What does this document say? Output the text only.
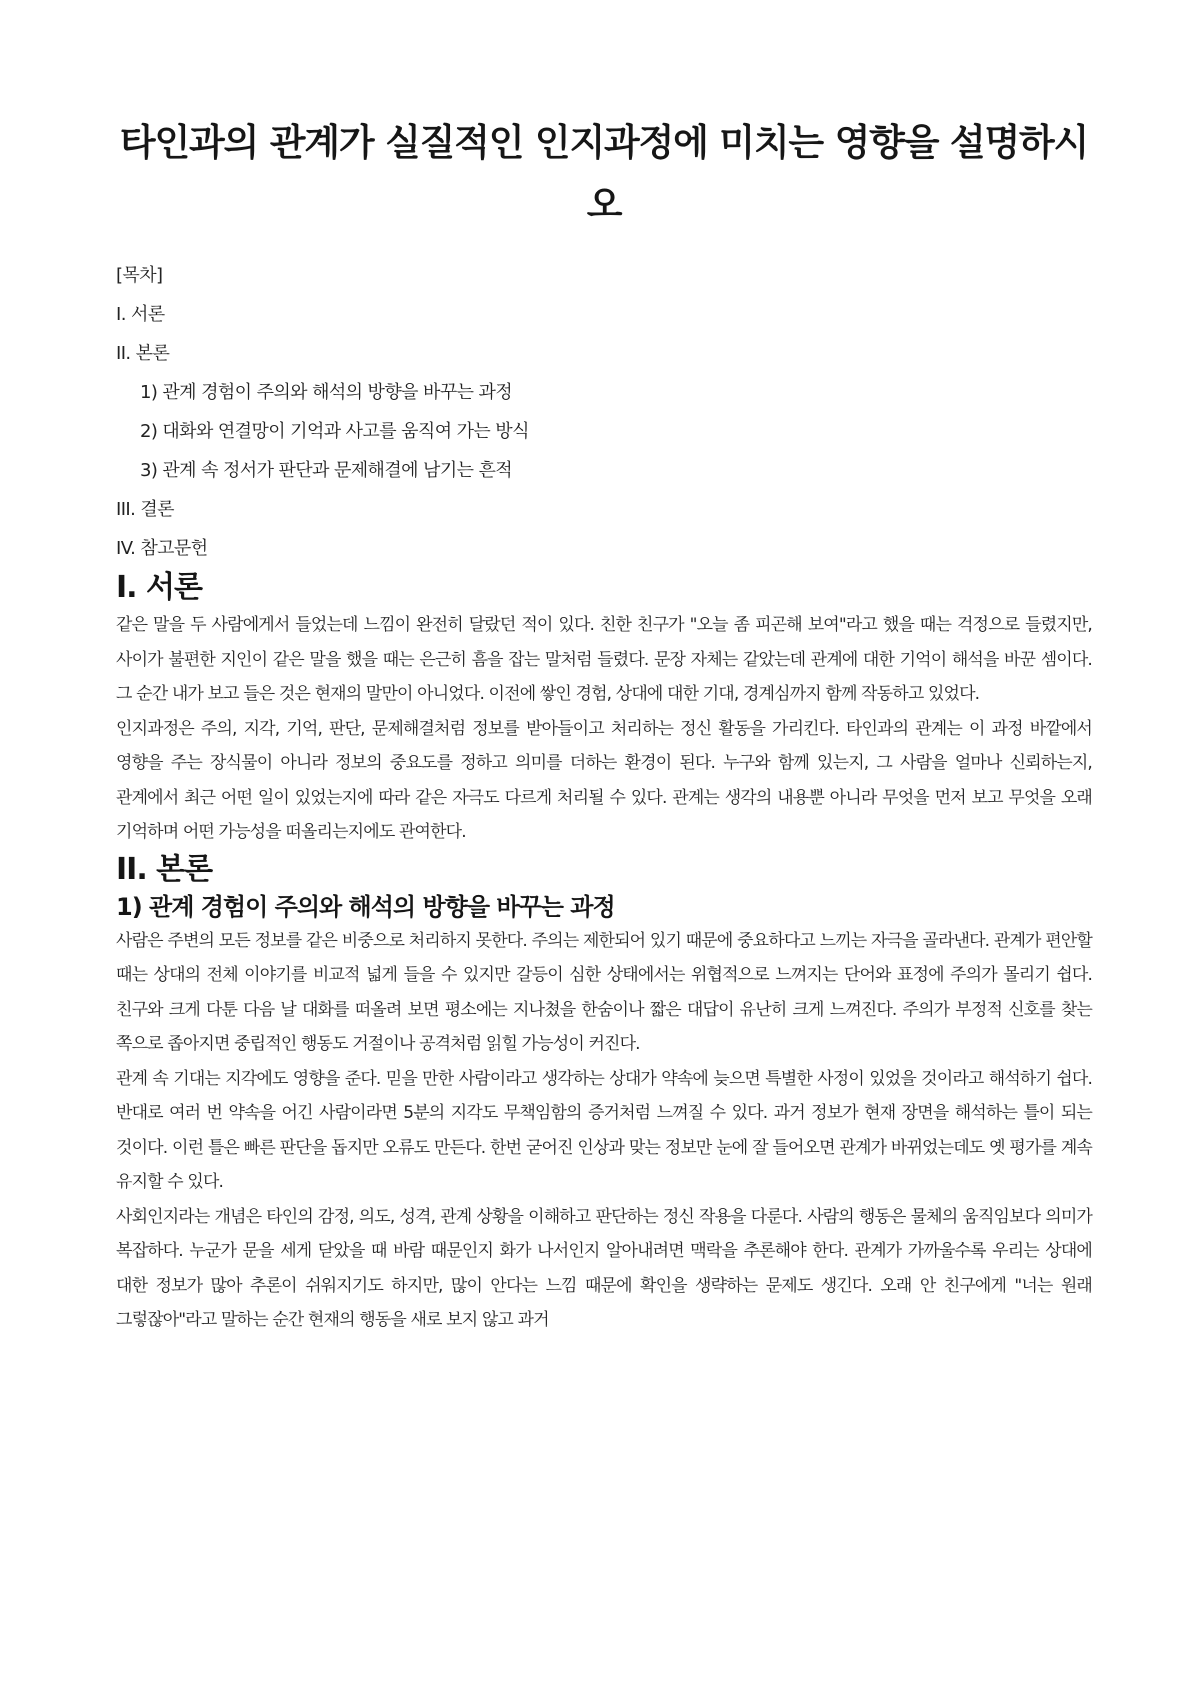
타인과의 관계가 실질적인 인지과정에 미치는 영향을 설명하시오
[목차]
I. 서론
II. 본론
1) 관계 경험이 주의와 해석의 방향을 바꾸는 과정
2) 대화와 연결망이 기억과 사고를 움직여 가는 방식
3) 관계 속 정서가 판단과 문제해결에 남기는 흔적
III. 결론
IV. 참고문헌
I. 서론

같은 말을 두 사람에게서 들었는데 느낌이 완전히 달랐던 적이 있다. 친한 친구가 "오늘 좀 피곤해 보여"라고 했을 때는 걱정으로 들렸지만, 사이가 불편한 지인이 같은 말을 했을 때는 은근히 흠을 잡는 말처럼 들렸다. 문장 자체는 같았는데 관계에 대한 기억이 해석을 바꾼 셈이다. 그 순간 내가 보고 들은 것은 현재의 말만이 아니었다. 이전에 쌓인 경험, 상대에 대한 기대, 경계심까지 함께 작동하고 있었다.

인지과정은 주의, 지각, 기억, 판단, 문제해결처럼 정보를 받아들이고 처리하는 정신 활동을 가리킨다. 타인과의 관계는 이 과정 바깥에서 영향을 주는 장식물이 아니라 정보의 중요도를 정하고 의미를 더하는 환경이 된다. 누구와 함께 있는지, 그 사람을 얼마나 신뢰하는지, 관계에서 최근 어떤 일이 있었는지에 따라 같은 자극도 다르게 처리될 수 있다. 관계는 생각의 내용뿐 아니라 무엇을 먼저 보고 무엇을 오래 기억하며 어떤 가능성을 떠올리는지에도 관여한다.

II. 본론
1) 관계 경험이 주의와 해석의 방향을 바꾸는 과정

사람은 주변의 모든 정보를 같은 비중으로 처리하지 못한다. 주의는 제한되어 있기 때문에 중요하다고 느끼는 자극을 골라낸다. 관계가 편안할 때는 상대의 전체 이야기를 비교적 넓게 들을 수 있지만 갈등이 심한 상태에서는 위협적으로 느껴지는 단어와 표정에 주의가 몰리기 쉽다. 친구와 크게 다툰 다음 날 대화를 떠올려 보면 평소에는 지나쳤을 한숨이나 짧은 대답이 유난히 크게 느껴진다. 주의가 부정적 신호를 찾는 쪽으로 좁아지면 중립적인 행동도 거절이나 공격처럼 읽힐 가능성이 커진다.

관계 속 기대는 지각에도 영향을 준다. 믿을 만한 사람이라고 생각하는 상대가 약속에 늦으면 특별한 사정이 있었을 것이라고 해석하기 쉽다. 반대로 여러 번 약속을 어긴 사람이라면 5분의 지각도 무책임함의 증거처럼 느껴질 수 있다. 과거 정보가 현재 장면을 해석하는 틀이 되는 것이다. 이런 틀은 빠른 판단을 돕지만 오류도 만든다. 한번 굳어진 인상과 맞는 정보만 눈에 잘 들어오면 관계가 바뀌었는데도 옛 평가를 계속 유지할 수 있다.

사회인지라는 개념은 타인의 감정, 의도, 성격, 관계 상황을 이해하고 판단하는 정신 작용을 다룬다. 사람의 행동은 물체의 움직임보다 의미가 복잡하다. 누군가 문을 세게 닫았을 때 바람 때문인지 화가 나서인지 알아내려면 맥락을 추론해야 한다. 관계가 가까울수록 우리는 상대에 대한 정보가 많아 추론이 쉬워지기도 하지만, 많이 안다는 느낌 때문에 확인을 생략하는 문제도 생긴다. 오래 안 친구에게 "너는 원래 그렇잖아"라고 말하는 순간 현재의 행동을 새로 보지 않고 과거
